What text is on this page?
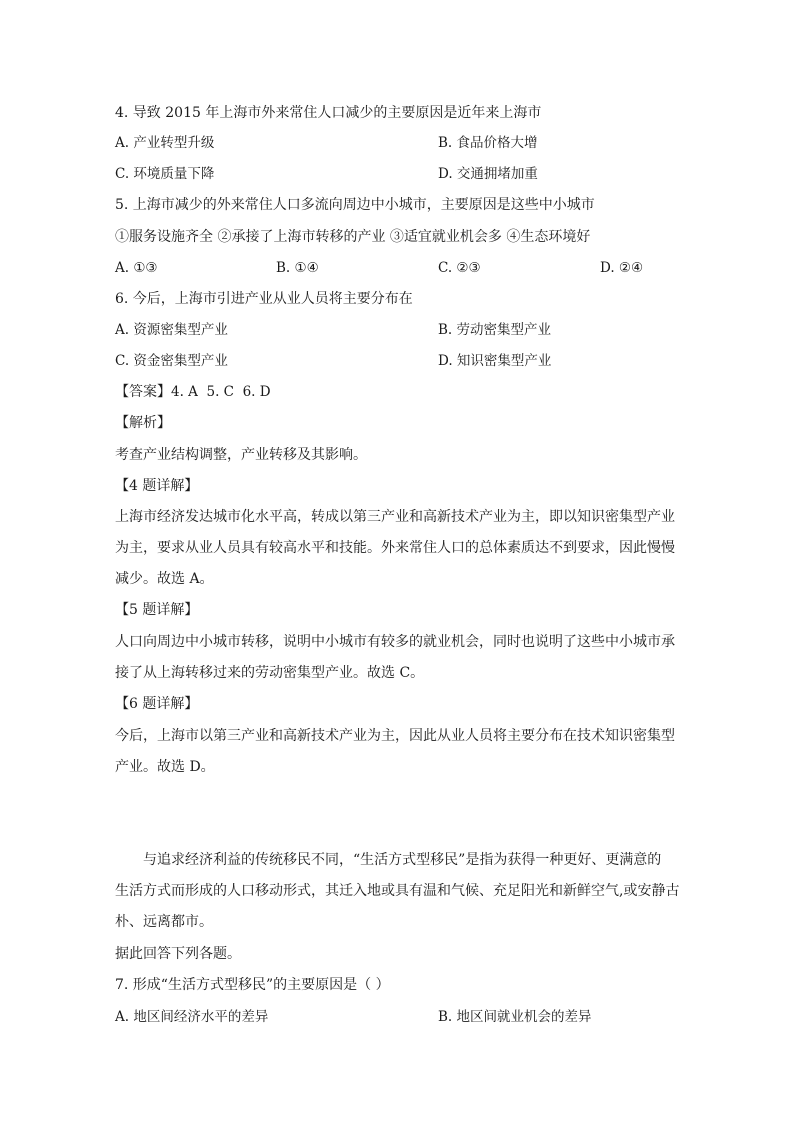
4. 导致 2015 年上海市外来常住人口减少的主要原因是近年来上海市
A. 产业转型升级	B. 食品价格大增
C. 环境质量下降	D. 交通拥堵加重
5. 上海市减少的外来常住人口多流向周边中小城市，主要原因是这些中小城市
①服务设施齐全 ②承接了上海市转移的产业 ③适宜就业机会多 ④生态环境好
A. ①③	B. ①④	C. ②③	D. ②④
6. 今后，上海市引进产业从业人员将主要分布在
A. 资源密集型产业	B. 劳动密集型产业
C. 资金密集型产业	D. 知识密集型产业
【答案】4. A  5. C  6. D
【解析】
考查产业结构调整，产业转移及其影响。
【4 题详解】
上海市经济发达城市化水平高，转成以第三产业和高新技术产业为主，即以知识密集型产业
为主，要求从业人员具有较高水平和技能。外来常住人口的总体素质达不到要求，因此慢慢
减少。故选 A。
【5 题详解】
人口向周边中小城市转移，说明中小城市有较多的就业机会，同时也说明了这些中小城市承
接了从上海转移过来的劳动密集型产业。故选 C。
【6 题详解】
今后，上海市以第三产业和高新技术产业为主，因此从业人员将主要分布在技术知识密集型
产业。故选 D。
与追求经济利益的传统移民不同，“生活方式型移民”是指为获得一种更好、更满意的
生活方式而形成的人口移动形式，其迁入地或具有温和气候、充足阳光和新鲜空气,或安静古
朴、远离都市。
据此回答下列各题。
7. 形成“生活方式型移民”的主要原因是（ ）
A. 地区间经济水平的差异	B. 地区间就业机会的差异
